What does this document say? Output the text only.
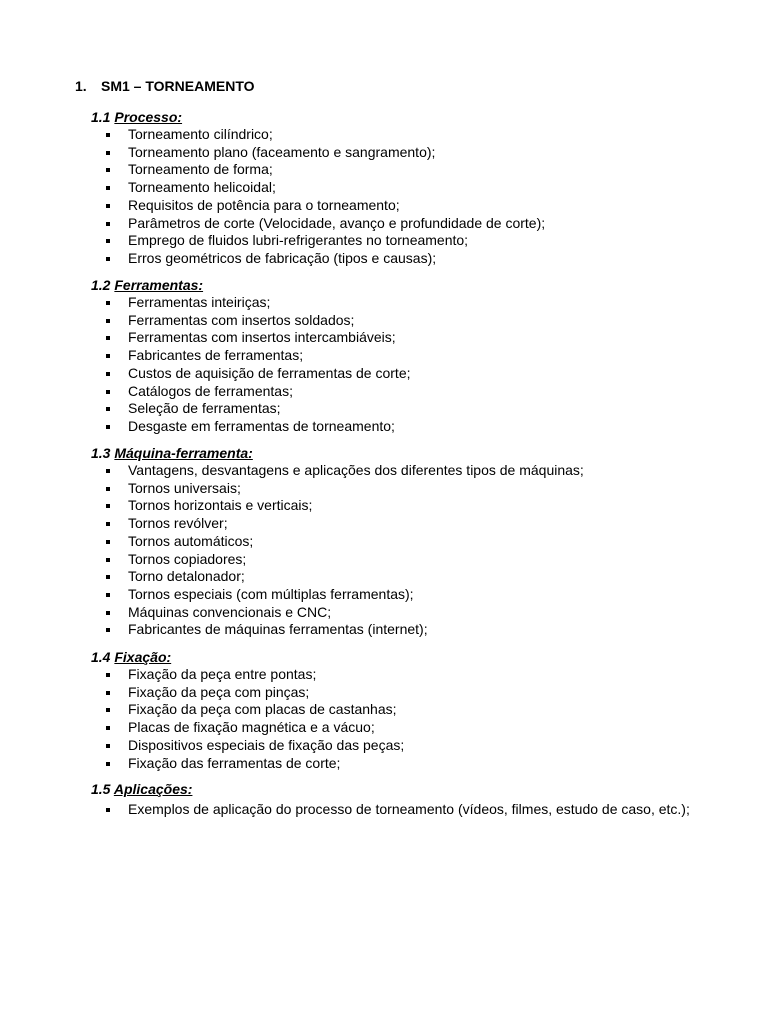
1. SM1 – TORNEAMENTO
1.1 Processo:
Torneamento cilíndrico;
Torneamento plano (faceamento e sangramento);
Torneamento de forma;
Torneamento helicoidal;
Requisitos de potência para o torneamento;
Parâmetros de corte (Velocidade, avanço e profundidade de corte);
Emprego de fluidos lubri-refrigerantes no torneamento;
Erros geométricos de fabricação (tipos e causas);
1.2 Ferramentas:
Ferramentas inteiriças;
Ferramentas com insertos soldados;
Ferramentas com insertos intercambiáveis;
Fabricantes de ferramentas;
Custos de aquisição de ferramentas de corte;
Catálogos de ferramentas;
Seleção de ferramentas;
Desgaste em ferramentas de torneamento;
1.3 Máquina-ferramenta:
Vantagens, desvantagens e aplicações dos diferentes tipos de máquinas;
Tornos universais;
Tornos horizontais e verticais;
Tornos revólver;
Tornos automáticos;
Tornos copiadores;
Torno detalonador;
Tornos especiais (com múltiplas ferramentas);
Máquinas convencionais e CNC;
Fabricantes de máquinas ferramentas (internet);
1.4 Fixação:
Fixação da peça entre pontas;
Fixação da peça com pinças;
Fixação da peça com placas de castanhas;
Placas de fixação magnética e a vácuo;
Dispositivos especiais de fixação das peças;
Fixação das ferramentas de corte;
1.5 Aplicações:
Exemplos de aplicação do processo de torneamento (vídeos, filmes, estudo de caso, etc.);
